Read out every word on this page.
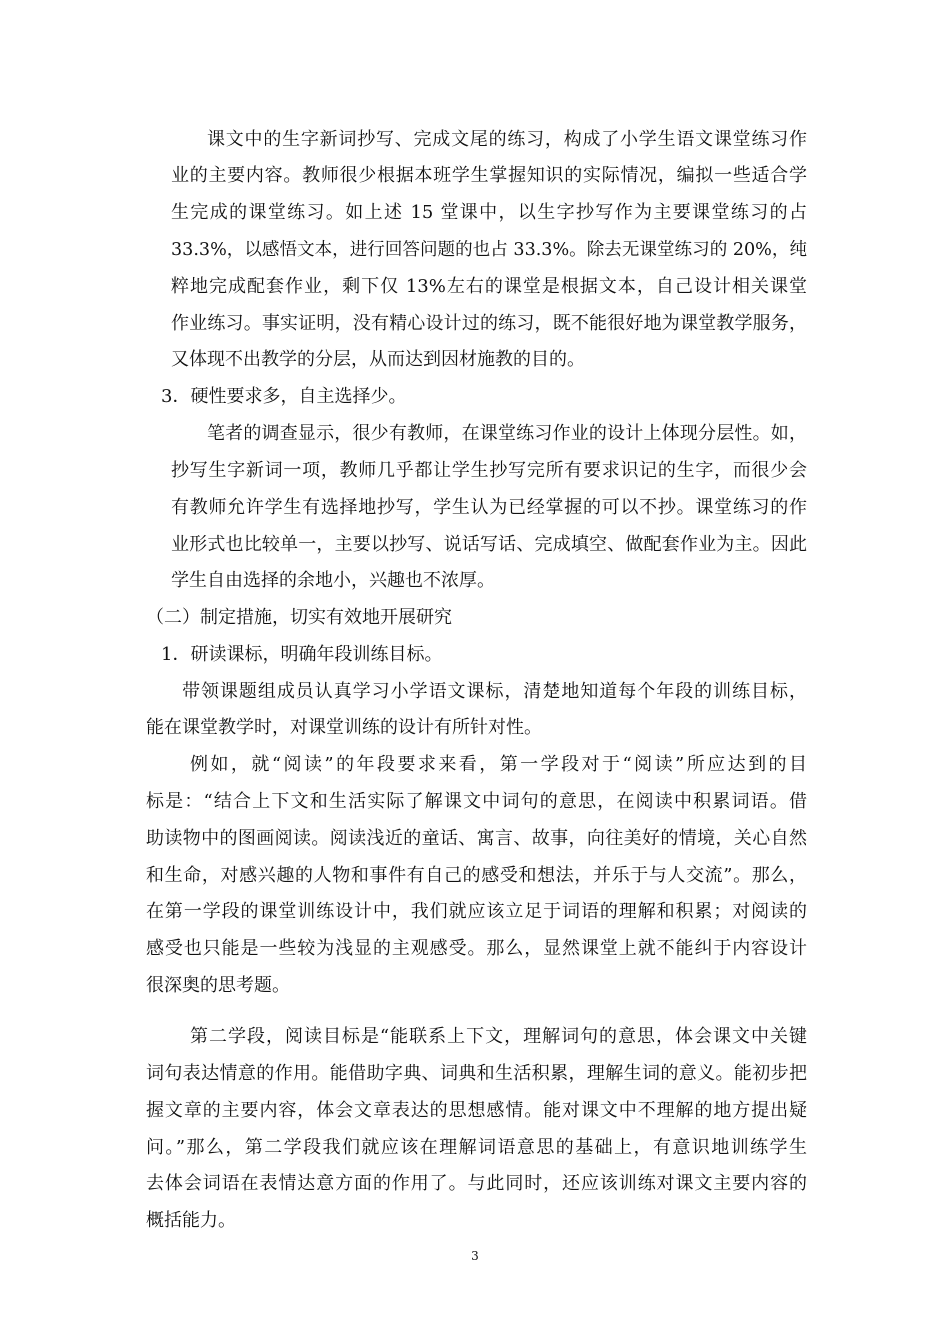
课文中的生字新词抄写、完成文尾的练习，构成了小学生语文课堂练习作
业的主要内容。教师很少根据本班学生掌握知识的实际情况，编拟一些适合学
生完成的课堂练习。如上述 15 堂课中，以生字抄写作为主要课堂练习的占
33.3%，以感悟文本，进行回答问题的也占 33.3%。除去无课堂练习的 20%，纯
粹地完成配套作业，剩下仅 13%左右的课堂是根据文本，自己设计相关课堂
作业练习。事实证明，没有精心设计过的练习，既不能很好地为课堂教学服务，
又体现不出教学的分层，从而达到因材施教的目的。
3．硬性要求多，自主选择少。
笔者的调查显示，很少有教师，在课堂练习作业的设计上体现分层性。如，
抄写生字新词一项，教师几乎都让学生抄写完所有要求识记的生字，而很少会
有教师允许学生有选择地抄写，学生认为已经掌握的可以不抄。课堂练习的作
业形式也比较单一，主要以抄写、说话写话、完成填空、做配套作业为主。因此
学生自由选择的余地小，兴趣也不浓厚。
（二）制定措施，切实有效地开展研究
1．研读课标，明确年段训练目标。
带领课题组成员认真学习小学语文课标，清楚地知道每个年段的训练目标，
能在课堂教学时，对课堂训练的设计有所针对性。
例如，就“阅读”的年段要求来看，第一学段对于“阅读”所应达到的目
标是：“结合上下文和生活实际了解课文中词句的意思，在阅读中积累词语。借
助读物中的图画阅读。阅读浅近的童话、寓言、故事，向往美好的情境，关心自然
和生命，对感兴趣的人物和事件有自己的感受和想法，并乐于与人交流”。那么，
在第一学段的课堂训练设计中，我们就应该立足于词语的理解和积累；对阅读的
感受也只能是一些较为浅显的主观感受。那么，显然课堂上就不能纠于内容设计
很深奥的思考题。
第二学段，阅读目标是“能联系上下文，理解词句的意思，体会课文中关键
词句表达情意的作用。能借助字典、词典和生活积累，理解生词的意义。能初步把
握文章的主要内容，体会文章表达的思想感情。能对课文中不理解的地方提出疑
问。”那么，第二学段我们就应该在理解词语意思的基础上，有意识地训练学生
去体会词语在表情达意方面的作用了。与此同时，还应该训练对课文主要内容的
概括能力。
3
